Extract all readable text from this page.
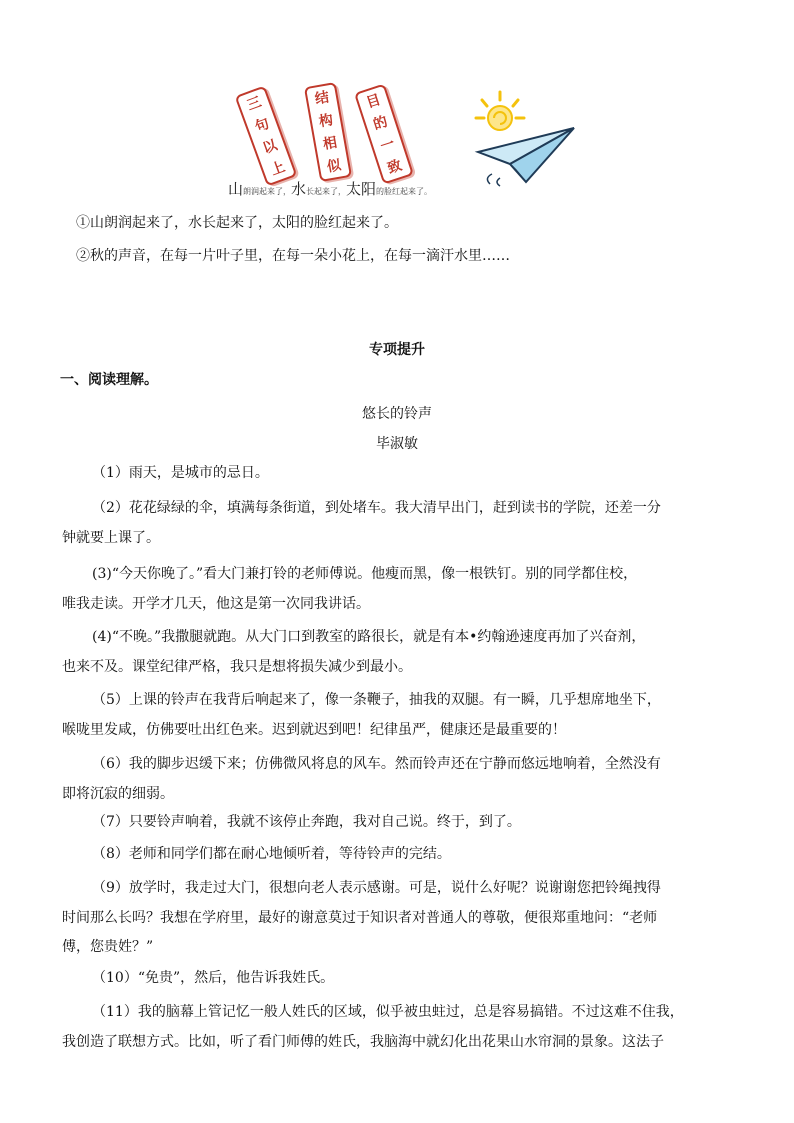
三
句
以
上
结
构
相
似
目
的
一
致
山朗润起来了，水长起来了，太阳的脸红起来了。
①山朗润起来了，水长起来了，太阳的脸红起来了。
②秋的声音，在每一片叶子里，在每一朵小花上，在每一滴汗水里……
专项提升
一、阅读理解。
悠长的铃声
毕淑敏
（1）雨天，是城市的忌日。
（2）花花绿绿的伞，填满每条街道，到处堵车。我大清早出门，赶到读书的学院，还差一分
钟就要上课了。
(3)“今天你晚了。”看大门兼打铃的老师傅说。他瘦而黑，像一根铁钉。别的同学都住校，
唯我走读。开学才几天，他这是第一次同我讲话。
(4)“不晚。”我撒腿就跑。从大门口到教室的路很长，就是有本•约翰逊速度再加了兴奋剂，
也来不及。课堂纪律严格，我只是想将损失减少到最小。
（5）上课的铃声在我背后响起来了，像一条鞭子，抽我的双腿。有一瞬，几乎想席地坐下，
喉咙里发咸，仿佛要吐出红色来。迟到就迟到吧！纪律虽严，健康还是最重要的！
（6）我的脚步迟缓下来；仿佛微风将息的风车。然而铃声还在宁静而悠远地响着，全然没有
即将沉寂的细弱。
（7）只要铃声响着，我就不该停止奔跑，我对自己说。终于，到了。
（8）老师和同学们都在耐心地倾听着，等待铃声的完结。
（9）放学时，我走过大门，很想向老人表示感谢。可是，说什么好呢？说谢谢您把铃绳拽得
时间那么长吗？我想在学府里，最好的谢意莫过于知识者对普通人的尊敬，便很郑重地问：“老师
傅，您贵姓？”
（10）“免贵”，然后，他告诉我姓氏。
（11）我的脑幕上管记忆一般人姓氏的区域，似乎被虫蛀过，总是容易搞错。不过这难不住我，
我创造了联想方式。比如，听了看门师傅的姓氏，我脑海中就幻化出花果山水帘洞的景象。这法子
